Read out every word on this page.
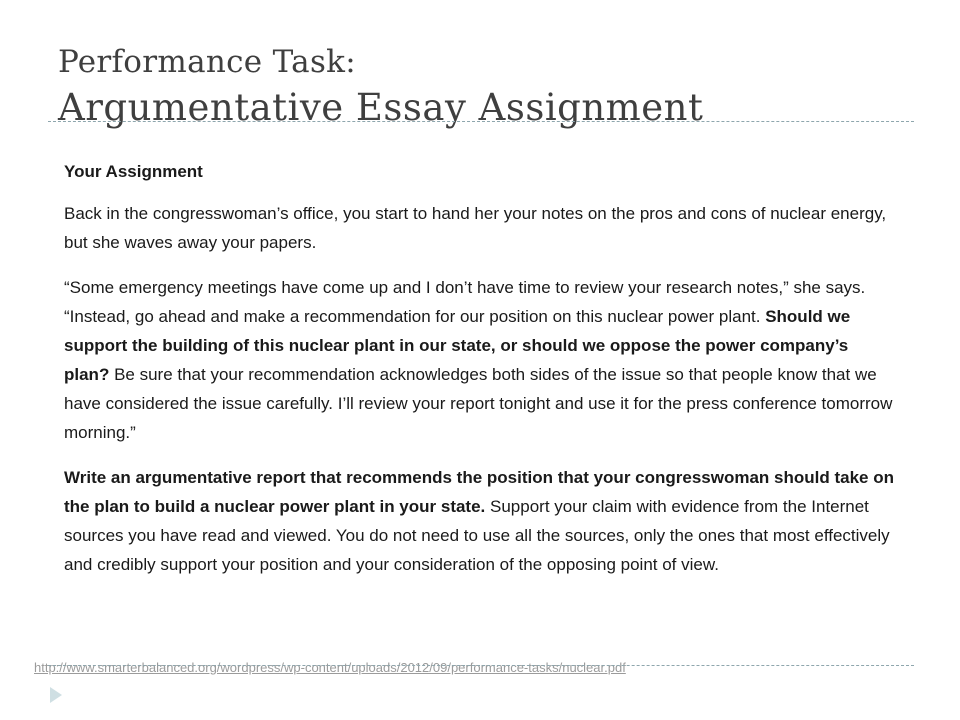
Performance Task:
Argumentative Essay Assignment
Your Assignment

Back in the congresswoman’s office, you start to hand her your notes on the pros and cons of nuclear energy, but she waves away your papers.

“Some emergency meetings have come up and I don’t have time to review your research notes,” she says. “Instead, go ahead and make a recommendation for our position on this nuclear power plant. Should we support the building of this nuclear plant in our state, or should we oppose the power company’s plan? Be sure that your recommendation acknowledges both sides of the issue so that people know that we have considered the issue carefully. I’ll review your report tonight and use it for the press conference tomorrow morning.”

Write an argumentative report that recommends the position that your congresswoman should take on the plan to build a nuclear power plant in your state. Support your claim with evidence from the Internet sources you have read and viewed. You do not need to use all the sources, only the ones that most effectively and credibly support your position and your consideration of the opposing point of view.

http://www.smarterbalanced.org/wordpress/wp-content/uploads/2012/09/performance-tasks/nuclear.pdf
